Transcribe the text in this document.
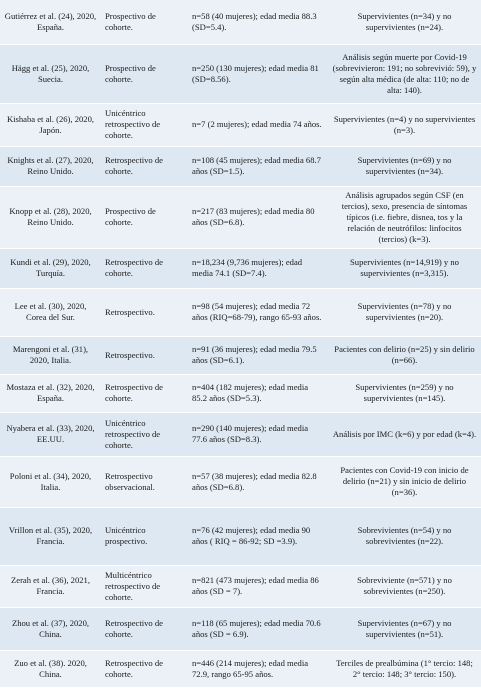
Gutiérrez et al. (24), 2020, España.	Prospectivo de cohorte.	n=58 (40 mujeres); edad media 88.3 (SD=5.4).	Supervivientes (n=34) y no supervivientes (n=24).
Hägg et al. (25), 2020, Suecia.	Prospectivo de cohorte.	n=250 (130 mujeres); edad media 81 (SD=8.56).	Análisis según muerte por Covid-19 (sobrevivieron: 191; no sobrevivió: 59), y según alta médica (de alta: 110; no de alta: 140).
Kishaba et al. (26), 2020, Japón.	Unicéntrico retrospectivo de cohorte.	n=7 (2 mujeres); edad media 74 años.	Supervivientes (n=4) y no supervivientes (n=3).
Knights et al. (27), 2020, Reino Unido.	Retrospectivo de cohorte.	n=108 (45 mujeres); edad media 68.7 años (SD=1.5).	Supervivientes (n=69) y no supervivientes (n=34).
Knopp et al. (28), 2020, Reino Unido.	Prospectivo de cohorte.	n=217 (83 mujeres); edad media 80 años (SD=6.8).	Análisis agrupados según CSF (en tercios), sexo, presencia de síntomas típicos (i.e. fiebre, disnea, tos y la relación de neutrófilos: linfocitos (tercios) (k=3).
Kundi et al. (29), 2020, Turquía.	Retrospectivo de cohorte.	n=18,234 (9,736 mujeres); edad media 74.1 (SD=7.4).	Supervivientes (n=14,919) y no supervivientes (n=3,315).
Lee et al. (30), 2020, Corea del Sur.	Retrospectivo.	n=98 (54 mujeres); edad media 72 años (RIQ=68-79), rango 65-93 años.	Supervivientes (n=78) y no supervivientes (n=20).
Marengoni et al. (31), 2020, Italia.	Retrospectivo.	n=91 (36 mujeres); edad media 79.5 años (SD=6.1).	Pacientes con delirio (n=25) y sin delirio (n=66).
Mostaza et al. (32), 2020, España.	Retrospectivo de cohorte.	n=404 (182 mujeres); edad media 85.2 años (SD=5.3).	Supervivientes (n=259) y no supervivientes (n=145).
Nyabera et al. (33), 2020, EE.UU.	Unicéntrico retrospectivo de cohorte.	n=290 (140 mujeres); edad media 77.6 años (SD=8.3).	Análisis por IMC (k=6) y por edad (k=4).
Poloni et al. (34), 2020, Italia.	Retrospectivo observacional.	n=57 (38 mujeres); edad media 82.8 años (SD=6.8).	Pacientes con Covid-19 con inicio de delirio (n=21) y sin inicio de delirio (n=36).
Vrillon et al. (35), 2020, Francia.	Unicéntrico prospectivo.	n=76 (42 mujeres); edad media 90 años ( RIQ = 86-92; SD =3.9).	Sobrevivientes (n=54) y no sobrevivientes (n=22).
Zerah et al. (36), 2021, Francia.	Multicéntrico retrospectivo de cohorte.	n=821 (473 mujeres); edad media 86 años (SD = 7).	Sobreviviente (n=571) y no sobrevivientes (n=250).
Zhou et al. (37), 2020, China.	Retrospectivo de cohorte.	n=118 (65 mujeres); edad media 70.6 años (SD = 6.9).	Supervivientes (n=67) y no supervivientes (n=51).
Zuo et al. (38). 2020, China.	Retrospectivo de cohorte.	n=446 (214 mujeres); edad media 72.9, rango 65-95 años.	Terciles de prealbúmina (1° tercio: 148; 2° tercio: 148; 3° tercio: 150).
